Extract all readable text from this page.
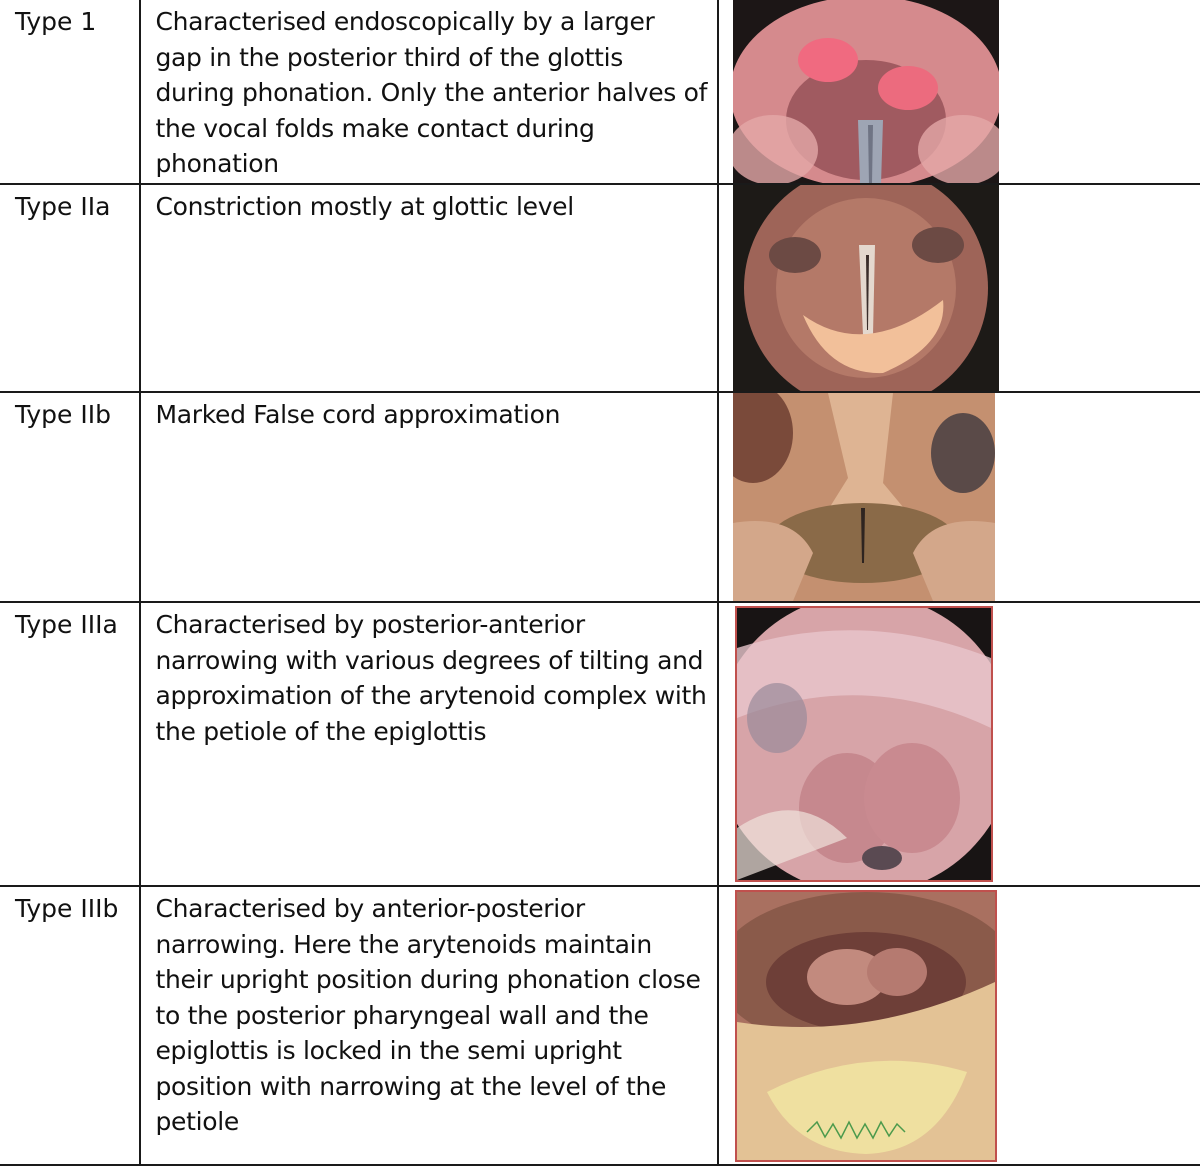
Type 1	Characterised endoscopically by a larger gap in the posterior third of the glottis during phonation. Only the anterior halves of the vocal folds make contact during phonation

Type IIa	Constriction mostly at glottic level

Type IIb	Marked False cord approximation

Type IIIa	Characterised by posterior-anterior narrowing with various degrees of tilting and approximation of the arytenoid complex with the petiole of the epiglottis

Type IIIb	Characterised by anterior-posterior narrowing. Here the arytenoids maintain their upright position during phonation close to the posterior pharyngeal wall and the epiglottis is locked in the semi upright position with narrowing at the level of the petiole
